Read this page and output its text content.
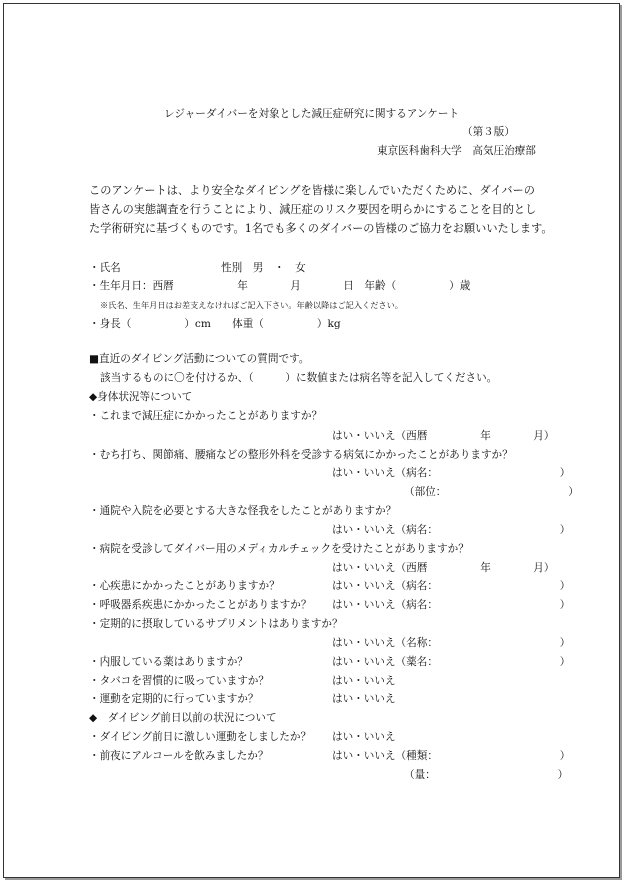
レジャーダイバーを対象とした減圧症研究に関するアンケート
（第３版）
東京医科歯科大学　高気圧治療部
このアンケートは、より安全なダイビングを皆様に楽しんでいただくために、ダイバーの
皆さんの実態調査を行うことにより、減圧症のリスク要因を明らかにすることを目的とし
た学術研究に基づくものです。1名でも多くのダイバーの皆様のご協力をお願いいたします。
・氏名	性別　男　・　女
・生年月日：西暦　　　　　　年　　　　月　　　　日　年齢（　　　　　）歳
※氏名、生年月日はお差支えなければご記入下さい。年齢以降はご記入ください。
・身長（　　　　　）cm　　体重（　　　　　）kg
■直近のダイビング活動についての質問です。
該当するものに〇を付けるか、（　　　）に数値または病名等を記入してください。
◆身体状況等について
・これまで減圧症にかかったことがありますか？
はい・いいえ（西暦　　　　　年　　　　月）
・むち打ち、関節痛、腰痛などの整形外科を受診する病気にかかったことがありますか？
はい・いいえ（病名：　　　　　　　　　　　　）
（部位：　　　　　　　　　　　　）
・通院や入院を必要とする大きな怪我をしたことがありますか？
はい・いいえ（病名：　　　　　　　　　　　　）
・病院を受診してダイバー用のメディカルチェックを受けたことがありますか？
はい・いいえ（西暦　　　　　年　　　　月）
・心疾患にかかったことがありますか？	はい・いいえ（病名：　　　　　　　　　　　　）
・呼吸器系疾患にかかったことがありますか？ はい・いいえ（病名：　　　　　　　　　　　　）
・定期的に摂取しているサプリメントはありますか？
はい・いいえ（名称：　　　　　　　　　　　　）
・内服している薬はありますか？	はい・いいえ（薬名：　　　　　　　　　　　　）
・タバコを習慣的に吸っていますか？	はい・いいえ
・運動を定期的に行っていますか？	はい・いいえ
◆　ダイビング前日以前の状況について
・ダイビング前日に激しい運動をしましたか？ はい・いいえ
・前夜にアルコールを飲みましたか？	はい・いいえ（種類：　　　　　　　　　　　　）
（量：　　　　　　　　　　　　）
